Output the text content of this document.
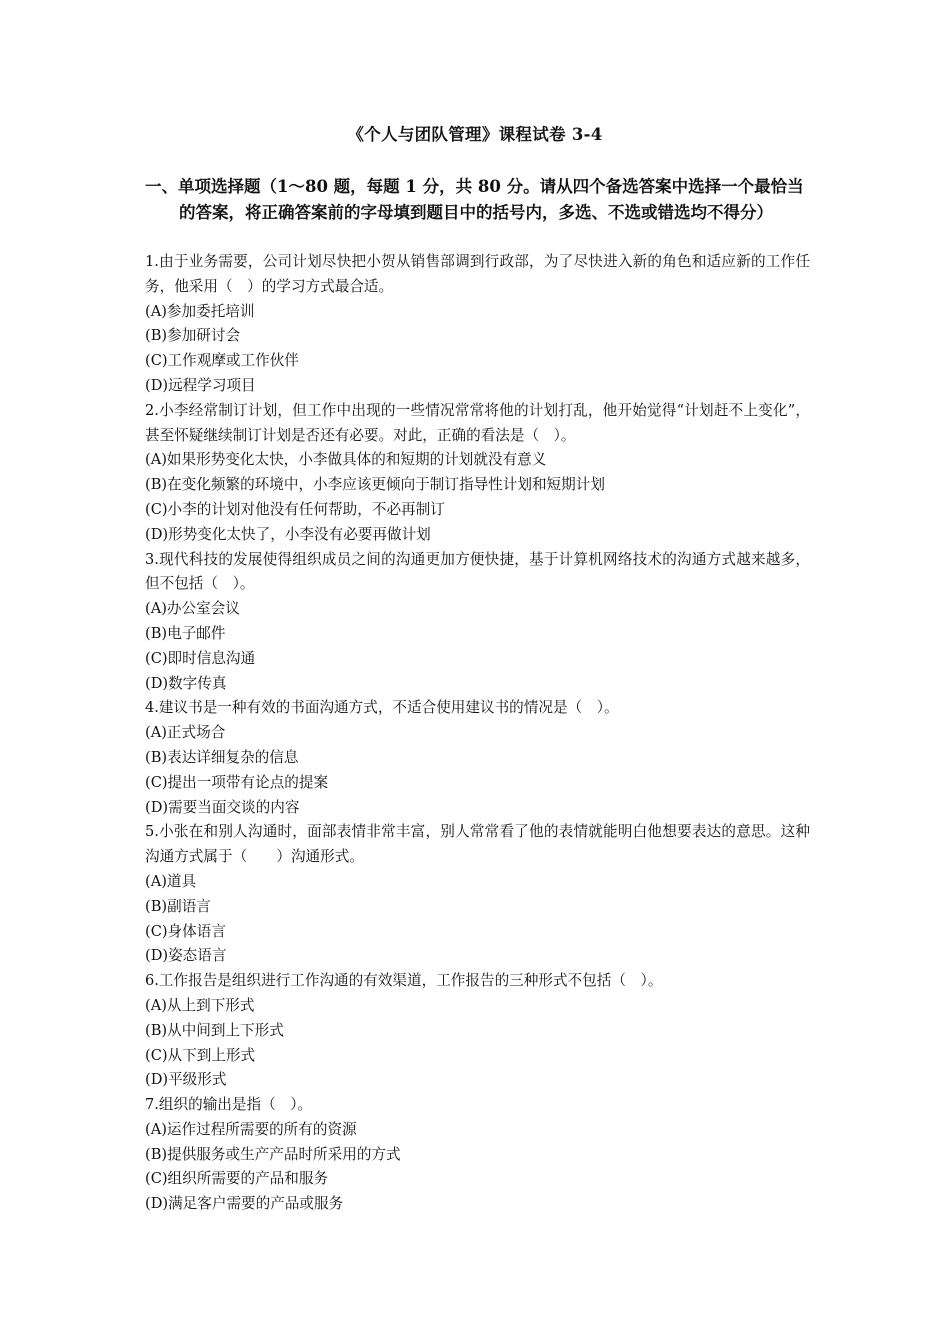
《个人与团队管理》课程试卷 3-4
一、单项选择题（1～80 题，每题 1 分，共 80 分。请从四个备选答案中选择一个最恰当的答案，将正确答案前的字母填到题目中的括号内，多选、不选或错选均不得分）

1.由于业务需要，公司计划尽快把小贺从销售部调到行政部，为了尽快进入新的角色和适应新的工作任务，他采用（　）的学习方式最合适。

(A)参加委托培训

(B)参加研讨会

(C)工作观摩或工作伙伴

(D)远程学习项目

2.小李经常制订计划，但工作中出现的一些情况常常将他的计划打乱，他开始觉得“计划赶不上变化”，甚至怀疑继续制订计划是否还有必要。对此，正确的看法是（　）。

(A)如果形势变化太快，小李做具体的和短期的计划就没有意义

(B)在变化频繁的环境中，小李应该更倾向于制订指导性计划和短期计划

(C)小李的计划对他没有任何帮助，不必再制订

(D)形势变化太快了，小李没有必要再做计划

3.现代科技的发展使得组织成员之间的沟通更加方便快捷，基于计算机网络技术的沟通方式越来越多，但不包括（　）。

(A)办公室会议

(B)电子邮件

(C)即时信息沟通

(D)数字传真

4.建议书是一种有效的书面沟通方式，不适合使用建议书的情况是（　）。

(A)正式场合

(B)表达详细复杂的信息

(C)提出一项带有论点的提案

(D)需要当面交谈的内容

5.小张在和别人沟通时，面部表情非常丰富，别人常常看了他的表情就能明白他想要表达的意思。这种沟通方式属于（　　）沟通形式。

(A)道具

(B)副语言

(C)身体语言

(D)姿态语言

6.工作报告是组织进行工作沟通的有效渠道，工作报告的三种形式不包括（　）。

(A)从上到下形式

(B)从中间到上下形式

(C)从下到上形式

(D)平级形式

7.组织的输出是指（　）。

(A)运作过程所需要的所有的资源

(B)提供服务或生产产品时所采用的方式

(C)组织所需要的产品和服务

(D)满足客户需要的产品或服务
